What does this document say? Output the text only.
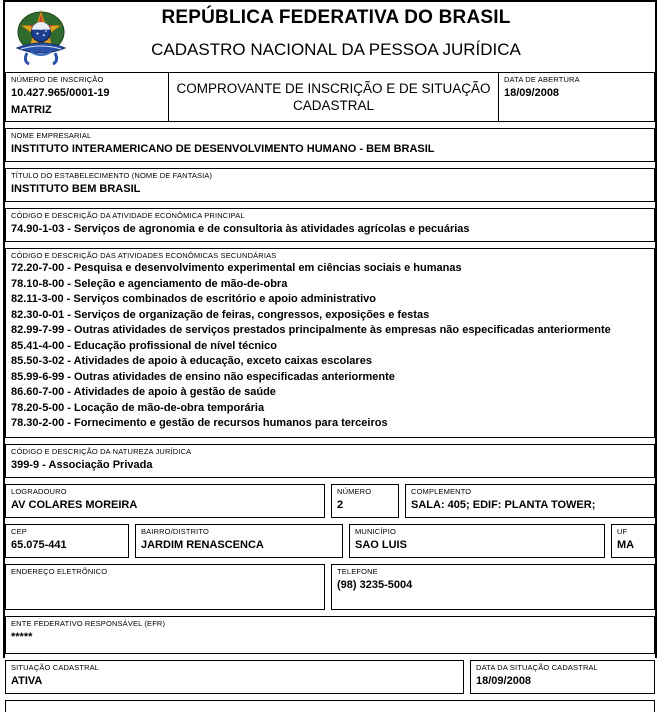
REPÚBLICA FEDERATIVA DO BRASIL
CADASTRO NACIONAL DA PESSOA JURÍDICA
NÚMERO DE INSCRIÇÃO
10.427.965/0001-19
MATRIZ
COMPROVANTE DE INSCRIÇÃO E DE SITUAÇÃO CADASTRAL
DATA DE ABERTURA
18/09/2008
NOME EMPRESARIAL
INSTITUTO INTERAMERICANO DE DESENVOLVIMENTO HUMANO - BEM BRASIL
TÍTULO DO ESTABELECIMENTO (NOME DE FANTASIA)
INSTITUTO BEM BRASIL
CÓDIGO E DESCRIÇÃO DA ATIVIDADE ECONÔMICA PRINCIPAL
74.90-1-03 - Serviços de agronomia e de consultoria às atividades agrícolas e pecuárias
CÓDIGO E DESCRIÇÃO DAS ATIVIDADES ECONÔMICAS SECUNDÁRIAS
72.20-7-00 - Pesquisa e desenvolvimento experimental em ciências sociais e humanas
78.10-8-00 - Seleção e agenciamento de mão-de-obra
82.11-3-00 - Serviços combinados de escritório e apoio administrativo
82.30-0-01 - Serviços de organização de feiras, congressos, exposições e festas
82.99-7-99 - Outras atividades de serviços prestados principalmente às empresas não especificadas anteriormente
85.41-4-00 - Educação profissional de nível técnico
85.50-3-02 - Atividades de apoio à educação, exceto caixas escolares
85.99-6-99 - Outras atividades de ensino não especificadas anteriormente
86.60-7-00 - Atividades de apoio à gestão de saúde
78.20-5-00 - Locação de mão-de-obra temporária
78.30-2-00 - Fornecimento e gestão de recursos humanos para terceiros
CÓDIGO E DESCRIÇÃO DA NATUREZA JURÍDICA
399-9 - Associação Privada
LOGRADOURO
AV COLARES MOREIRA
NÚMERO
2
COMPLEMENTO
SALA: 405; EDIF: PLANTA TOWER;
CEP
65.075-441
BAIRRO/DISTRITO
JARDIM RENASCENCA
MUNICÍPIO
SAO LUIS
UF
MA
ENDEREÇO ELETRÔNICO	TELEFONE
(98) 3235-5004
ENTE FEDERATIVO RESPONSÁVEL (EFR)
*****
SITUAÇÃO CADASTRAL
ATIVA
DATA DA SITUAÇÃO CADASTRAL
18/09/2008
